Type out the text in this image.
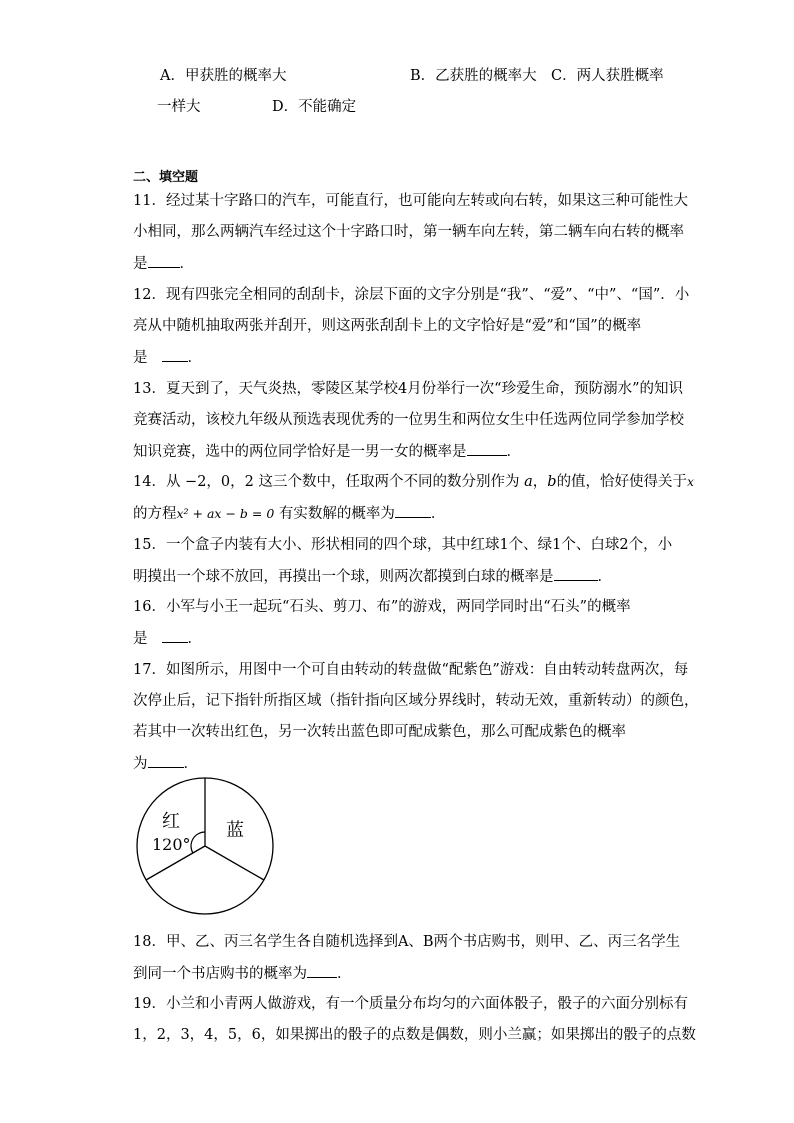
A．甲获胜的概率大	B．乙获胜的概率大 C．两人获胜概率
一样大	D．不能确定
二、填空题
11．经过某十字路口的汽车，可能直行，也可能向左转或向右转，如果这三种可能性大
小相同，那么两辆汽车经过这个十字路口时，第一辆车向左转，第二辆车向右转的概率
是 ．
12．现有四张完全相同的刮刮卡，涂层下面的文字分别是“我”、“爱”、“中”、“国”．小
亮从中随机抽取两张并刮开，则这两张刮刮卡上的文字恰好是“爱”和“国”的概率
是	．
13．夏天到了，天气炎热，零陵区某学校4月份举行一次“珍爱生命，预防溺水”的知识
竞赛活动，该校九年级从预选表现优秀的一位男生和两位女生中任选两位同学参加学校
知识竞赛，选中的两位同学恰好是一男一女的概率是	．
14．从 −2，0，2 这三个数中，任取两个不同的数分别作为 a，b的值，恰好使得关于x
的方程x² + ax − b = 0 有实数解的概率为 ．
15．一个盒子内装有大小、形状相同的四个球，其中红球1个、绿1个、白球2个，小
明摸出一个球不放回，再摸出一个球，则两次都摸到白球的概率是	．
16．小军与小王一起玩“石头、剪刀、布”的游戏，两同学同时出“石头”的概率
是	．
17．如图所示，用图中一个可自由转动的转盘做“配紫色”游戏：自由转动转盘两次，每
次停止后，记下指针所指区域（指针指向区域分界线时，转动无效，重新转动）的颜色，
若其中一次转出红色，另一次转出蓝色即可配成紫色，那么可配成紫色的概率
为 ．
红	蓝
120°
18．甲、乙、丙三名学生各自随机选择到A、B两个书店购书，则甲、乙、丙三名学生
到同一个书店购书的概率为 ．
19．小兰和小青两人做游戏，有一个质量分布均匀的六面体骰子，骰子的六面分别标有
1，2，3，4，5，6，如果掷出的骰子的点数是偶数，则小兰赢；如果掷出的骰子的点数
